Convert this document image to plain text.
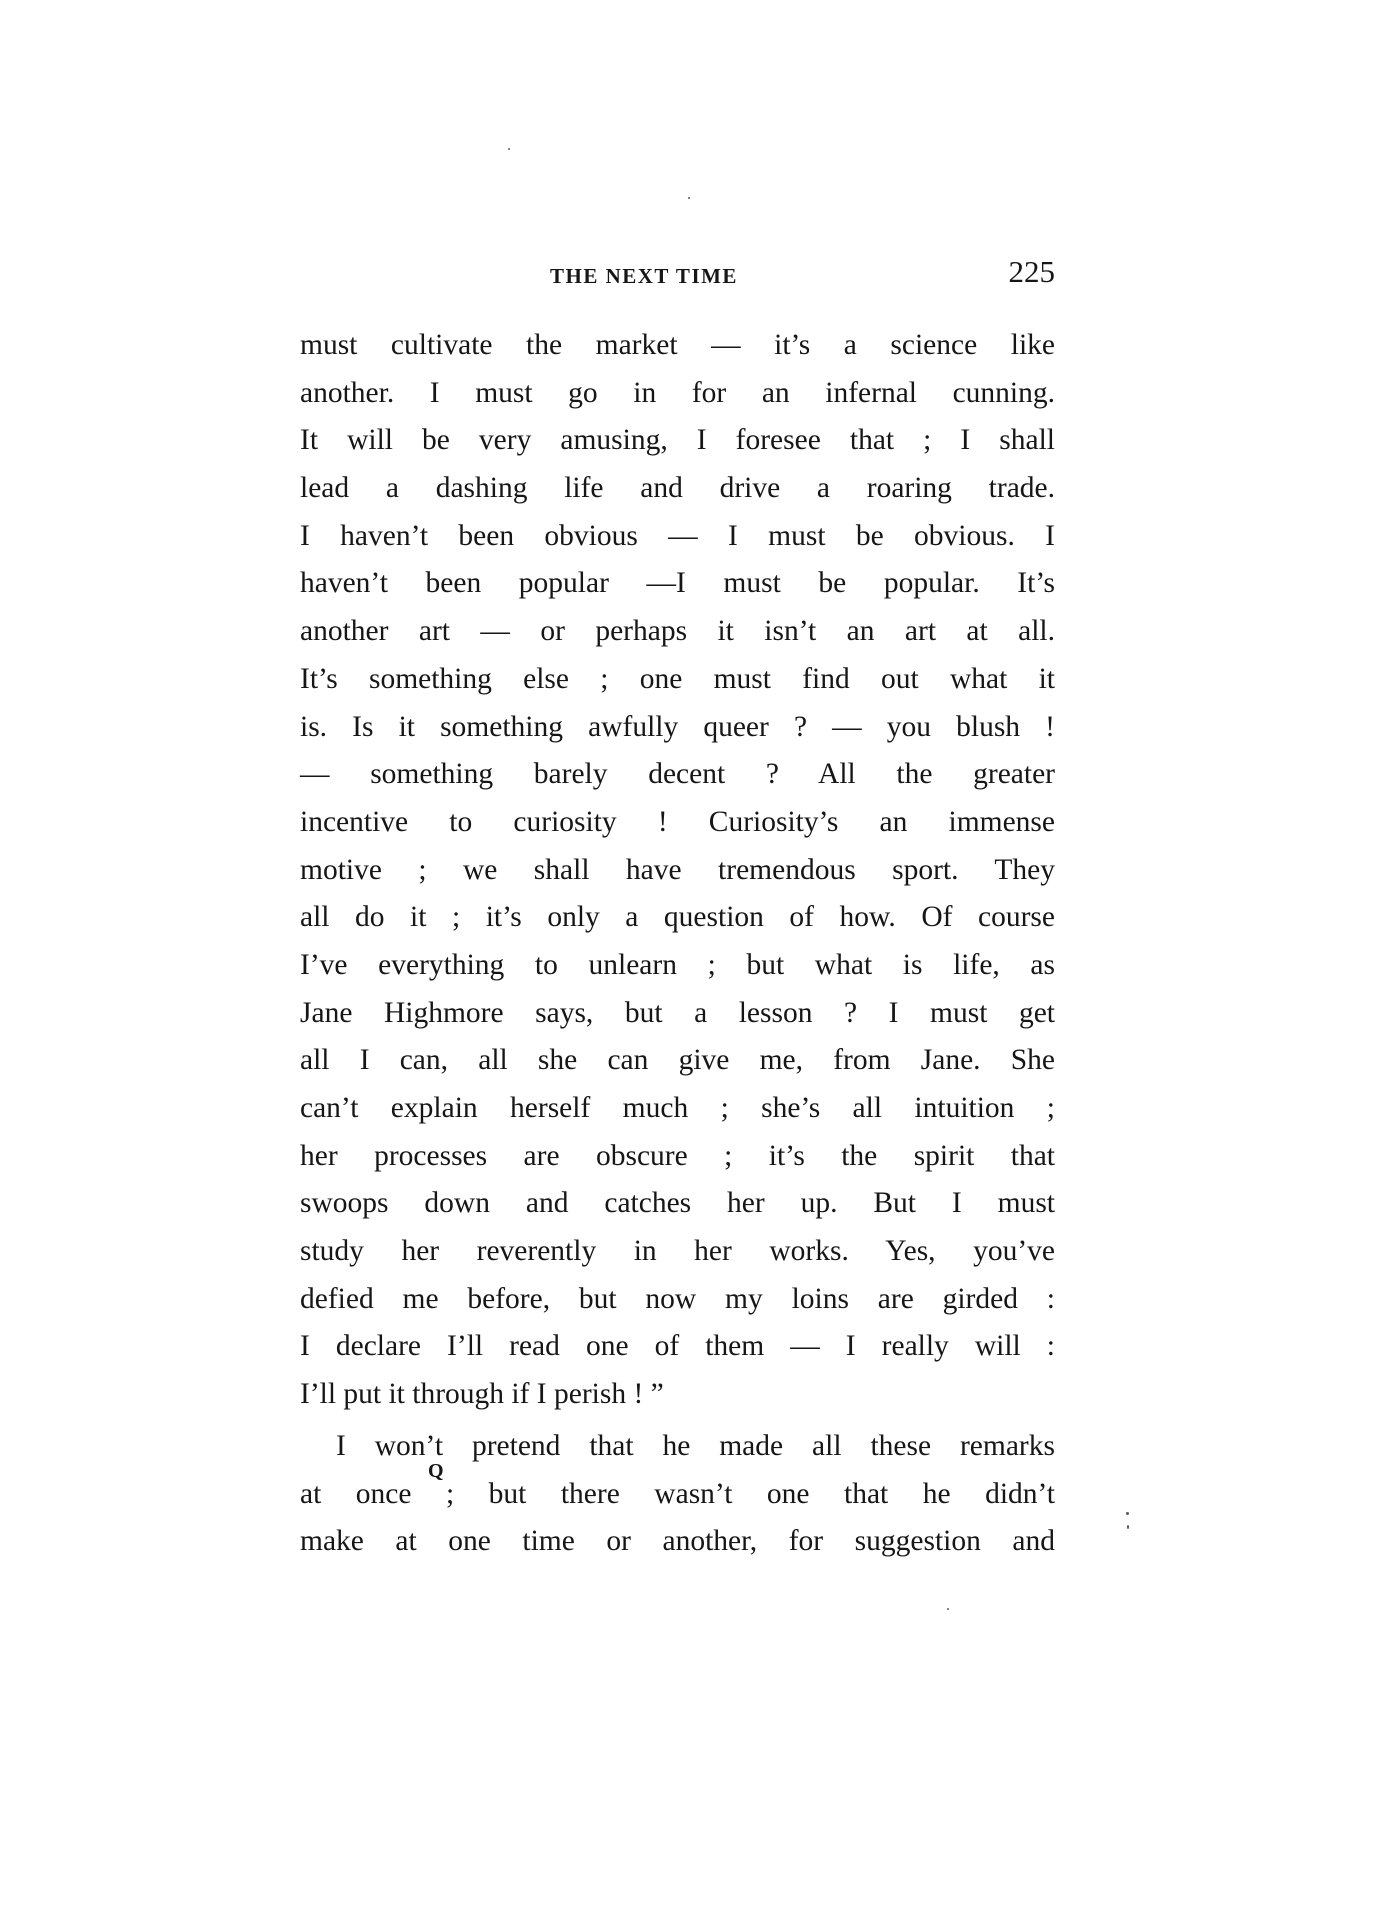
THE NEXT TIME	225
must cultivate the market — it’s a science like
another. I must go in for an infernal cunning.
It will be very amusing, I foresee that ; I shall
lead a dashing life and drive a roaring trade.
I haven’t been obvious — I must be obvious. I
haven’t been popular —I must be popular. It’s
another art — or perhaps it isn’t an art at all.
It’s something else ; one must find out what it
is. Is it something awfully queer ? — you blush !
— something barely decent ? All the greater
incentive to curiosity ! Curiosity’s an immense
motive ; we shall have tremendous sport. They
all do it ; it’s only a question of how. Of course
I’ve everything to unlearn ; but what is life, as
Jane Highmore says, but a lesson ? I must get
all I can, all she can give me, from Jane. She
can’t explain herself much ; she’s all intuition ;
her processes are obscure ; it’s the spirit that
swoops down and catches her up. But I must
study her reverently in her works. Yes, you’ve
defied me before, but now my loins are girded :
I declare I’ll read one of them — I really will :
I’ll put it through if I perish ! ”
I won’t pretend that he made all these remarks
at once ; but there wasn’t one that he didn’t
make at one time or another, for suggestion and
Q
